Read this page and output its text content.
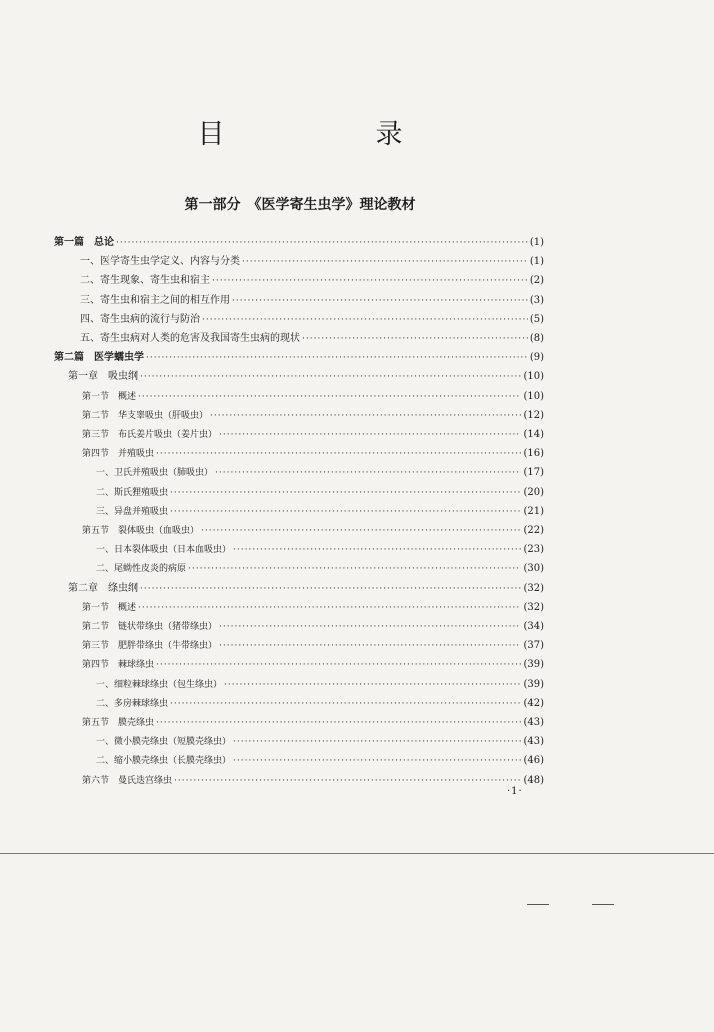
目　录
第一部分　《医学寄生虫学》理论教材
第一篇　总论 ·····	(1)
一、医学寄生虫学定义、内容与分类 ·····	(1)
二、寄生现象、寄生虫和宿主 ·····	(2)
三、寄生虫和宿主之间的相互作用 ·····	(3)
四、寄生虫病的流行与防治 ·····	(5)
五、寄生虫病对人类的危害及我国寄生虫病的现状 ·····	(8)
第二篇　医学蠕虫学 ·····	(9)
第一章　吸虫纲 ·····	(10)
第一节　概述 ·····	(10)
第二节　华支睾吸虫（肝吸虫） ·····	(12)
第三节　布氏姜片吸虫（姜片虫） ·····	(14)
第四节　并殖吸虫 ·····	(16)
一、卫氏并殖吸虫（肺吸虫） ·····	(17)
二、斯氏狸殖吸虫 ·····	(20)
三、异盘并殖吸虫 ·····	(21)
第五节　裂体吸虫（血吸虫） ·····	(22)
一、日本裂体吸虫（日本血吸虫） ·····	(23)
二、尾蚴性皮炎的病原 ·····	(30)
第二章　绦虫纲 ·····	(32)
第一节　概述 ·····	(32)
第二节　链状带绦虫（猪带绦虫） ·····	(34)
第三节　肥胖带绦虫（牛带绦虫） ·····	(37)
第四节　棘球绦虫 ·····	(39)
一、细粒棘球绦虫（包生绦虫） ·····	(39)
二、多房棘球绦虫 ·····	(42)
第五节　膜壳绦虫 ·····	(43)
一、微小膜壳绦虫（短膜壳绦虫） ·····	(43)
二、缩小膜壳绦虫（长膜壳绦虫） ·····	(46)
第六节　曼氏迭宫绦虫 ·····	(48)
·1·
